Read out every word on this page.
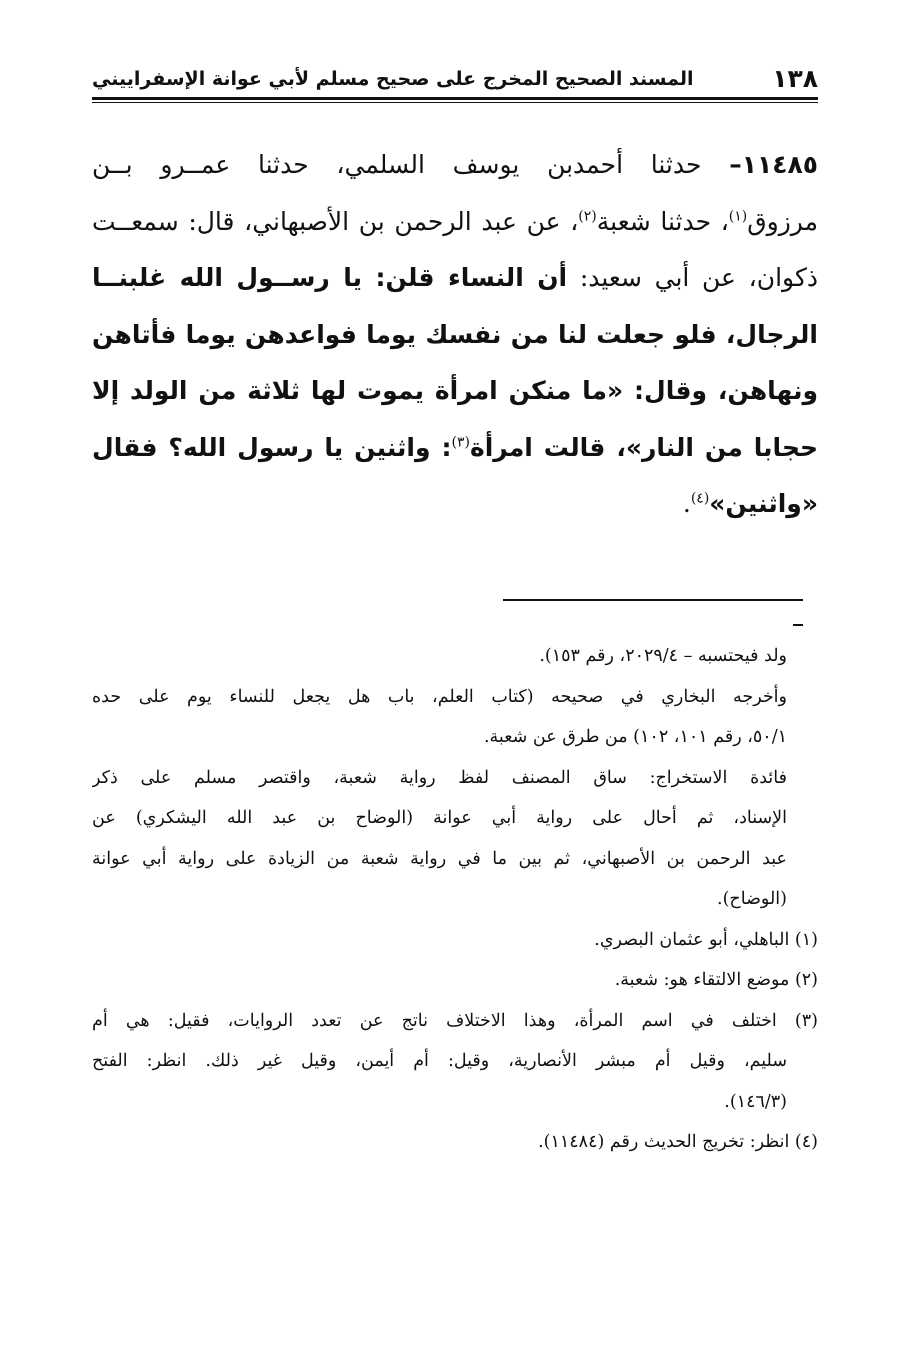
١٣٨
المسند الصحيح المخرج على صحيح مسلم لأبي عوانة الإسفراييني
١١٤٨٥– حدثنا أحمدبن يوسف السلمي، حدثنا عمــرو بــن
مرزوق$^{(١)}$، حدثنا شعبة$^{(٢)}$، عن عبد الرحمن بن الأصبهاني، قال: سمعــت
ذكوان، عن أبي سعيد: أن النساء قلن: يا رســول الله غلبنــا
الرجال، فلو جعلت لنا من نفسك يوما فواعدهن يوما فأتاهن
ونهاهن، وقال: «ما منكن امرأة يموت لها ثلاثة من الولد إلا
حجابا من النار»، قالت امرأة$^{(٣)}$: واثنين يا رسول الله؟ فقال
«واثنين»$^{(٤)}$.
ولد فيحتسبه – ٢٠٢٩/٤، رقم ١٥٣).
وأخرجه البخاري في صحيحه (كتاب العلم، باب هل يجعل للنساء يوم على حده
٥٠/١، رقم ١٠١، ١٠٢) من طرق عن شعبة.
فائدة الاستخراج: ساق المصنف لفظ رواية شعبة، واقتصر مسلم على ذكر
الإسناد، ثم أحال على رواية أبي عوانة (الوضاح بن عبد الله اليشكري) عن
عبد الرحمن بن الأصبهاني، ثم بين ما في رواية شعبة من الزيادة على رواية أبي عوانة
(الوضاح).
(١) الباهلي، أبو عثمان البصري.
(٢) موضع الالتقاء هو: شعبة.
(٣) اختلف في اسم المرأة، وهذا الاختلاف ناتج عن تعدد الروايات، فقيل: هي أم
سليم، وقيل أم مبشر الأنصارية، وقيل: أم أيمن، وقيل غير ذلك. انظر: الفتح
(١٤٦/٣).
(٤) انظر: تخريج الحديث رقم (١١٤٨٤).
